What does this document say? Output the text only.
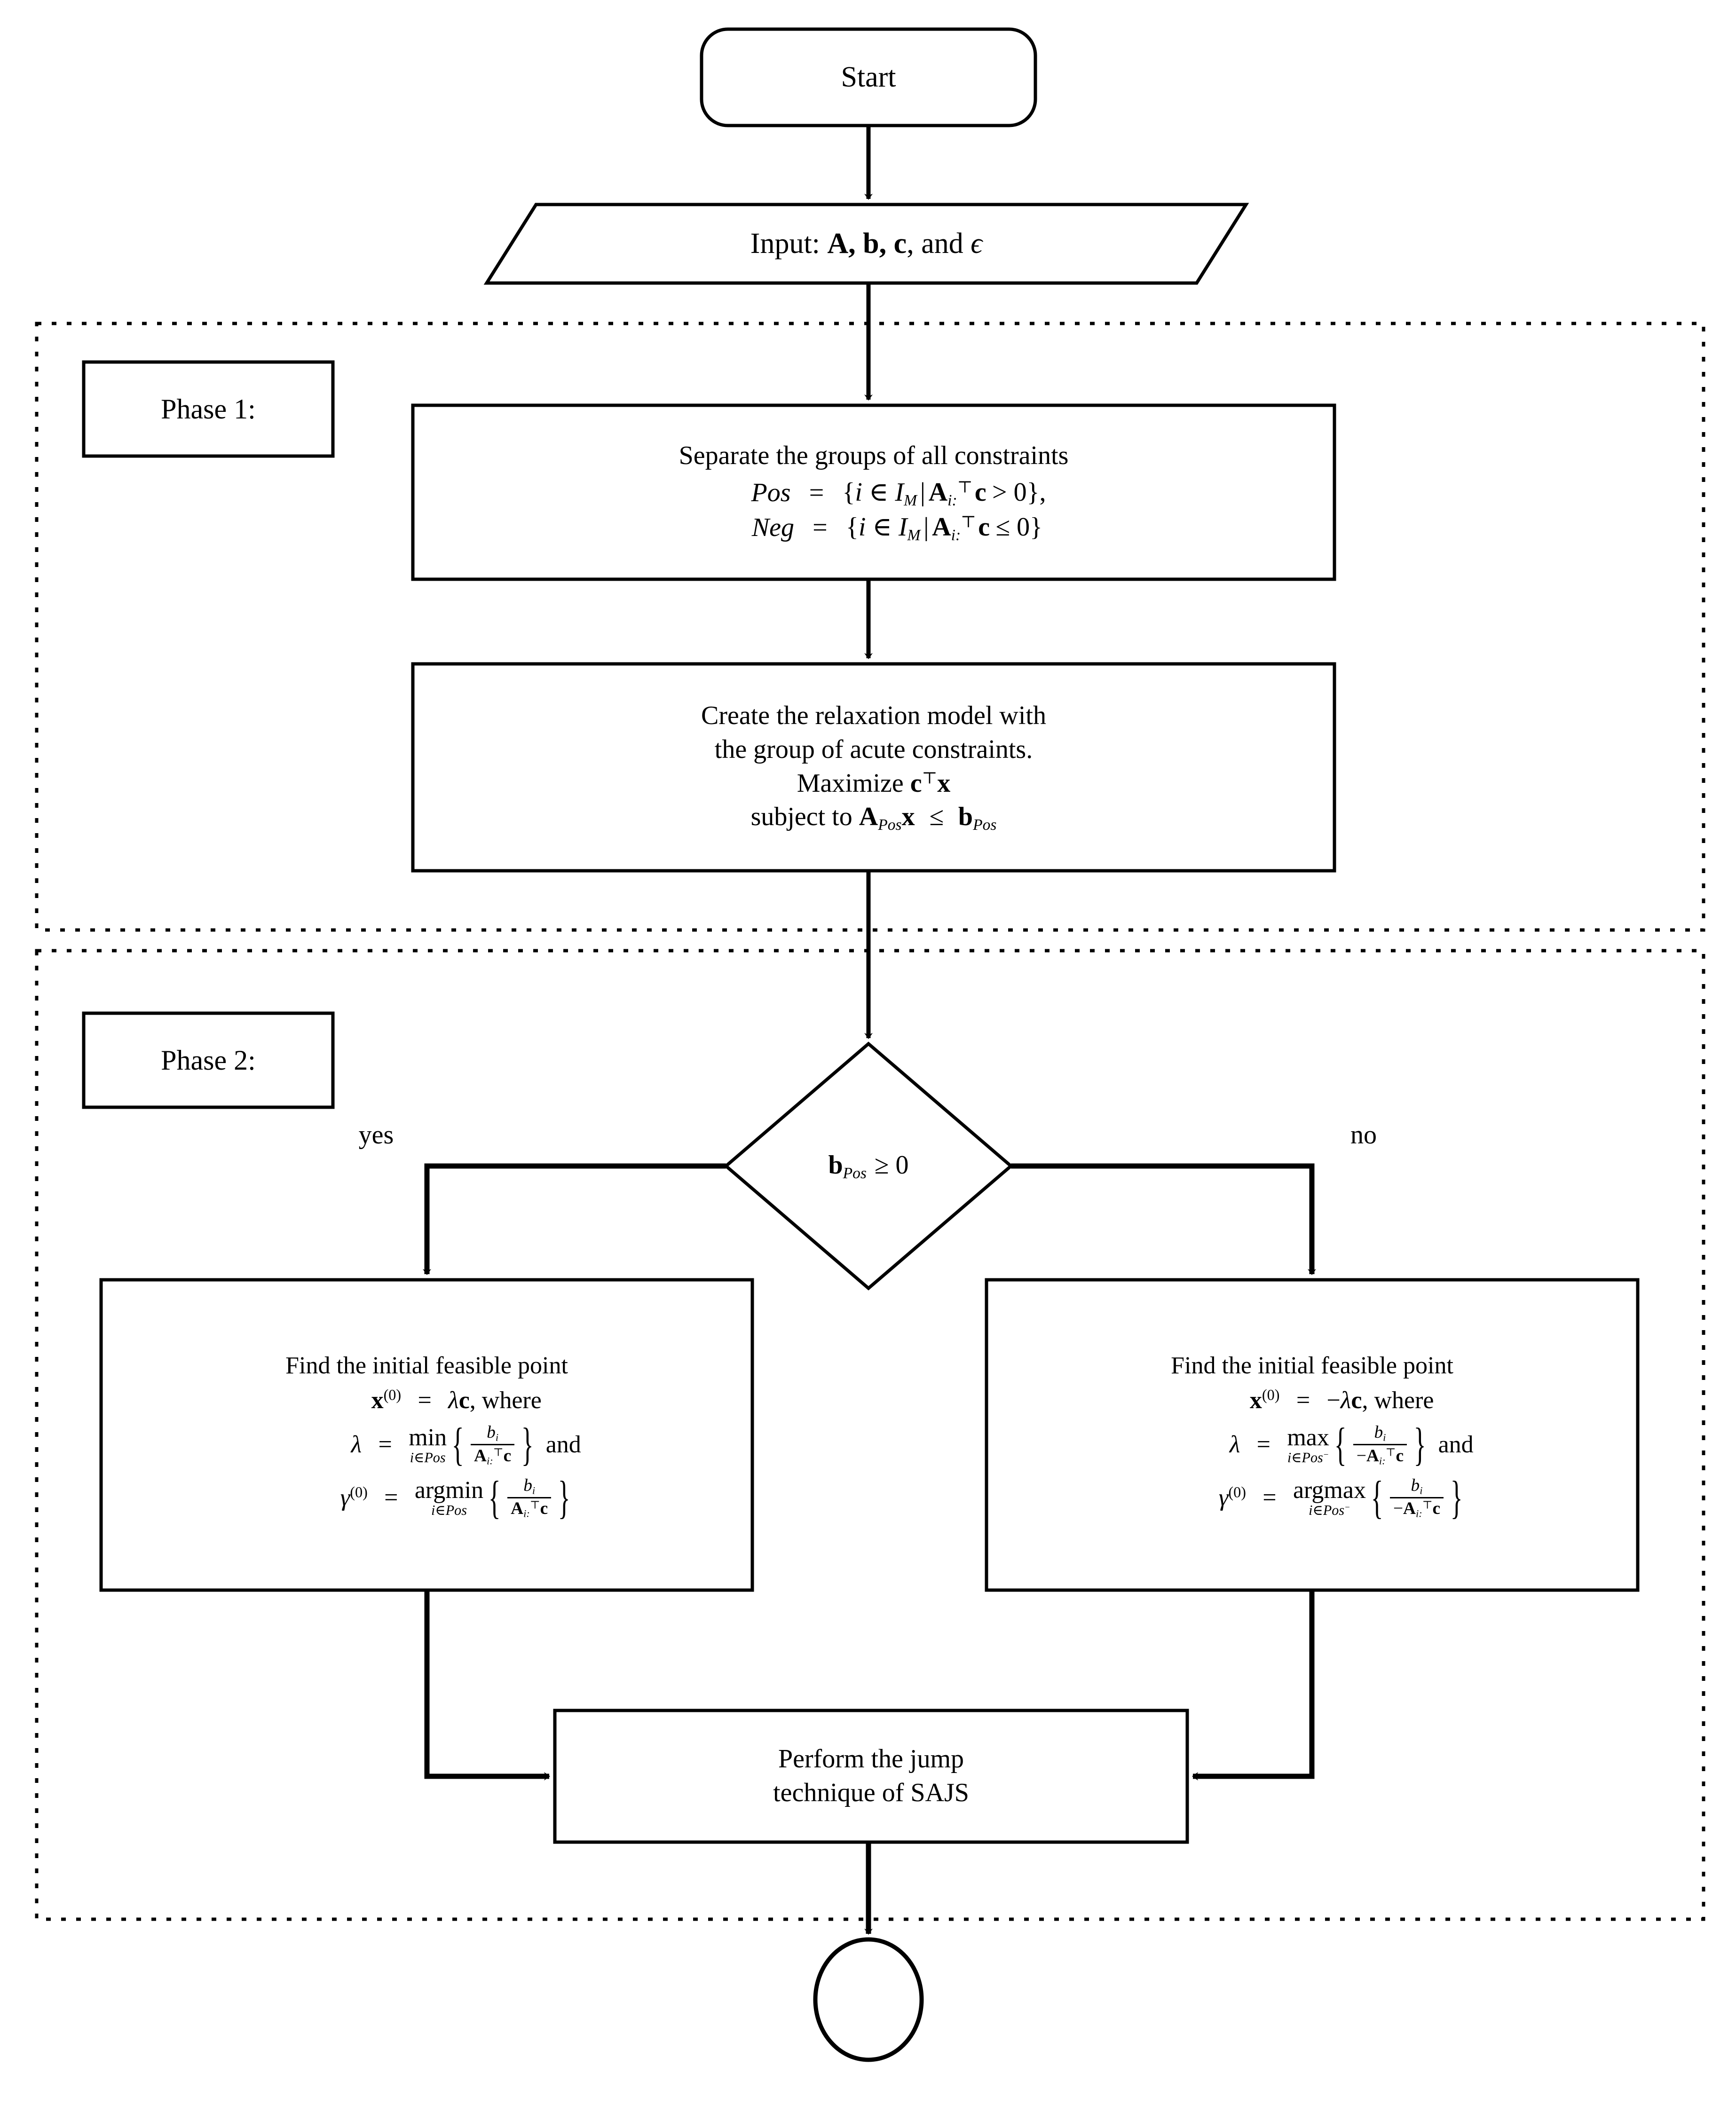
Start
Input: A, b, c, and ϵ
Phase 1:
Phase 2:
Separate the groups of all constraints
Pos = {i ∈ $I_M$ | $A_{i:}^⊤c > 0$},
Neg = {i ∈ $I_M$ | $A_{i:}^⊤c \le 0$}
Create the relaxation model with
the group of acute constraints.
Maximize c⊤x
subject to $A_{Pos}x \le b_{Pos}$
$b_{Pos} \ge 0$
yes	no
Find the initial feasible point
$x^{(0)} = \lambda c$, where
λ = min
i∈Pos { $\frac{b_i}{A_{i:}^⊤c}$ } and
$\gamma^{(0)} = argmin$
i∈Pos { $\frac{b_i}{A_{i:}^⊤c}$ }
Find the initial feasible point
$x^{(0)} = -\lambda c$, where
λ = max
i∈Pos− { $\frac{b_i}{-A_{i:}^⊤c}$ } and
$\gamma^{(0)} = argmax$
i∈Pos− { $\frac{b_i}{-A_{i:}^⊤c}$ }
Perform the jump
technique of SAJS
